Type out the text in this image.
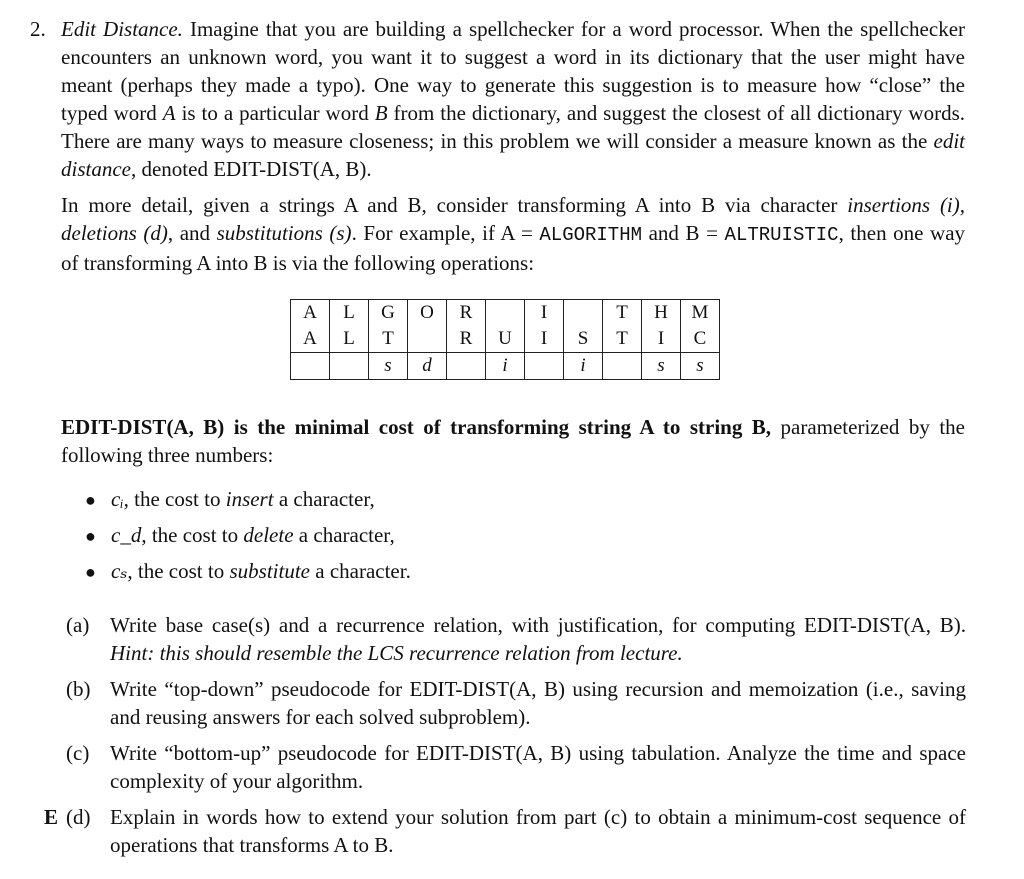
2. Edit Distance. Imagine that you are building a spellchecker for a word processor. When the spellchecker encounters an unknown word, you want it to suggest a word in its dictionary that the user might have meant (perhaps they made a typo). One way to generate this suggestion is to measure how “close” the typed word A is to a particular word B from the dictionary, and suggest the closest of all dictionary words. There are many ways to measure closeness; in this problem we will consider a measure known as the edit distance, denoted EDIT-DIST(A, B).
In more detail, given a strings A and B, consider transforming A into B via character insertions (i), deletions (d), and substitutions (s). For example, if A = ALGORITHM and B = ALTRUISTIC, then one way of transforming A into B is via the following operations:
A	L	G	O	R		I		T	H	M
A	L	T		R	U	I	S	T	I	C
		s	d		i		i		s	s
EDIT-DIST(A, B) is the minimal cost of transforming string A to string B, parameterized by the following three numbers:
● cᵢ, the cost to insert a character,
● c_d, the cost to delete a character,
● cₛ, the cost to substitute a character.
(a) Write base case(s) and a recurrence relation, with justification, for computing EDIT-DIST(A, B). Hint: this should resemble the LCS recurrence relation from lecture.
(b) Write “top-down” pseudocode for EDIT-DIST(A, B) using recursion and memoization (i.e., saving and reusing answers for each solved subproblem).
(c) Write “bottom-up” pseudocode for EDIT-DIST(A, B) using tabulation. Analyze the time and space complexity of your algorithm.
E (d) Explain in words how to extend your solution from part (c) to obtain a minimum-cost sequence of operations that transforms A to B.
